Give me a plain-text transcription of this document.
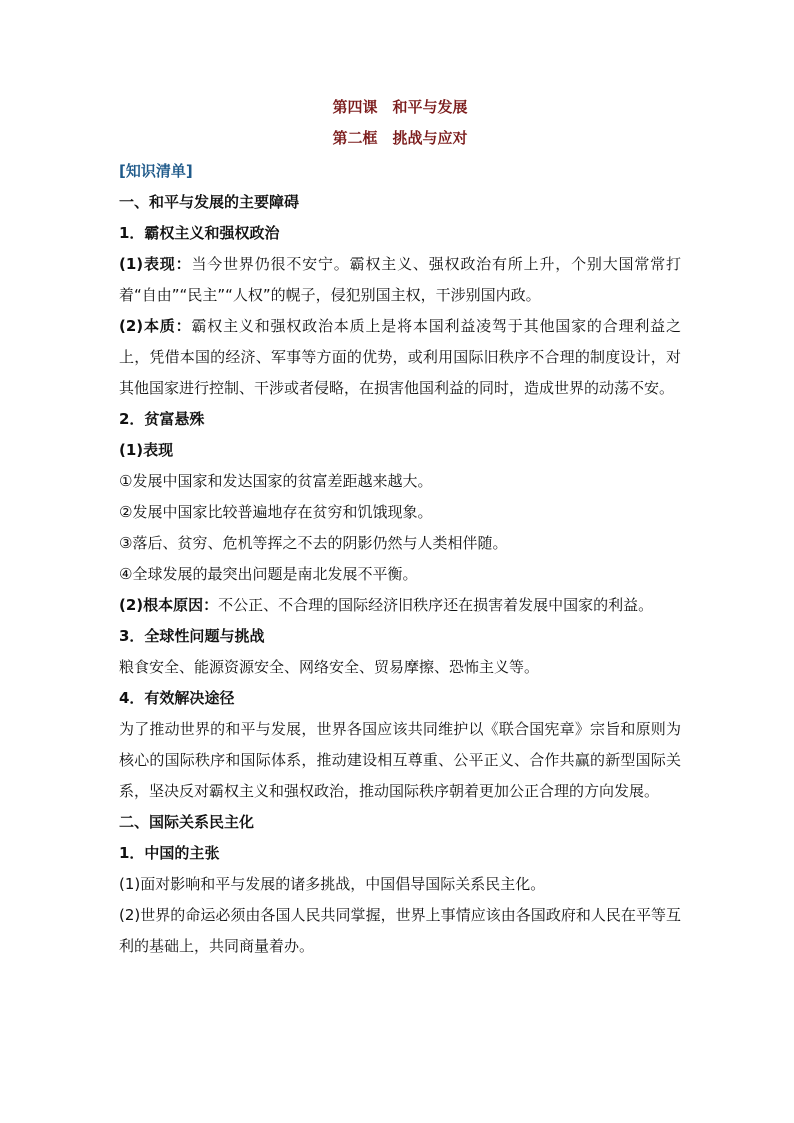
第四课　和平与发展
第二框　挑战与应对
[知识清单]
一、和平与发展的主要障碍
1．霸权主义和强权政治
(1)表现：当今世界仍很不安宁。霸权主义、强权政治有所上升，个别大国常常打着“自由”“民主”“人权”的幌子，侵犯别国主权，干涉别国内政。
(2)本质：霸权主义和强权政治本质上是将本国利益凌驾于其他国家的合理利益之上，凭借本国的经济、军事等方面的优势，或利用国际旧秩序不合理的制度设计，对其他国家进行控制、干涉或者侵略，在损害他国利益的同时，造成世界的动荡不安。
2．贫富悬殊
(1)表现
①发展中国家和发达国家的贫富差距越来越大。
②发展中国家比较普遍地存在贫穷和饥饿现象。
③落后、贫穷、危机等挥之不去的阴影仍然与人类相伴随。
④全球发展的最突出问题是南北发展不平衡。
(2)根本原因：不公正、不合理的国际经济旧秩序还在损害着发展中国家的利益。
3．全球性问题与挑战
粮食安全、能源资源安全、网络安全、贸易摩擦、恐怖主义等。
4．有效解决途径
为了推动世界的和平与发展，世界各国应该共同维护以《联合国宪章》宗旨和原则为核心的国际秩序和国际体系，推动建设相互尊重、公平正义、合作共赢的新型国际关系，坚决反对霸权主义和强权政治，推动国际秩序朝着更加公正合理的方向发展。
二、国际关系民主化
1．中国的主张
(1)面对影响和平与发展的诸多挑战，中国倡导国际关系民主化。
(2)世界的命运必须由各国人民共同掌握，世界上事情应该由各国政府和人民在平等互利的基础上，共同商量着办。
